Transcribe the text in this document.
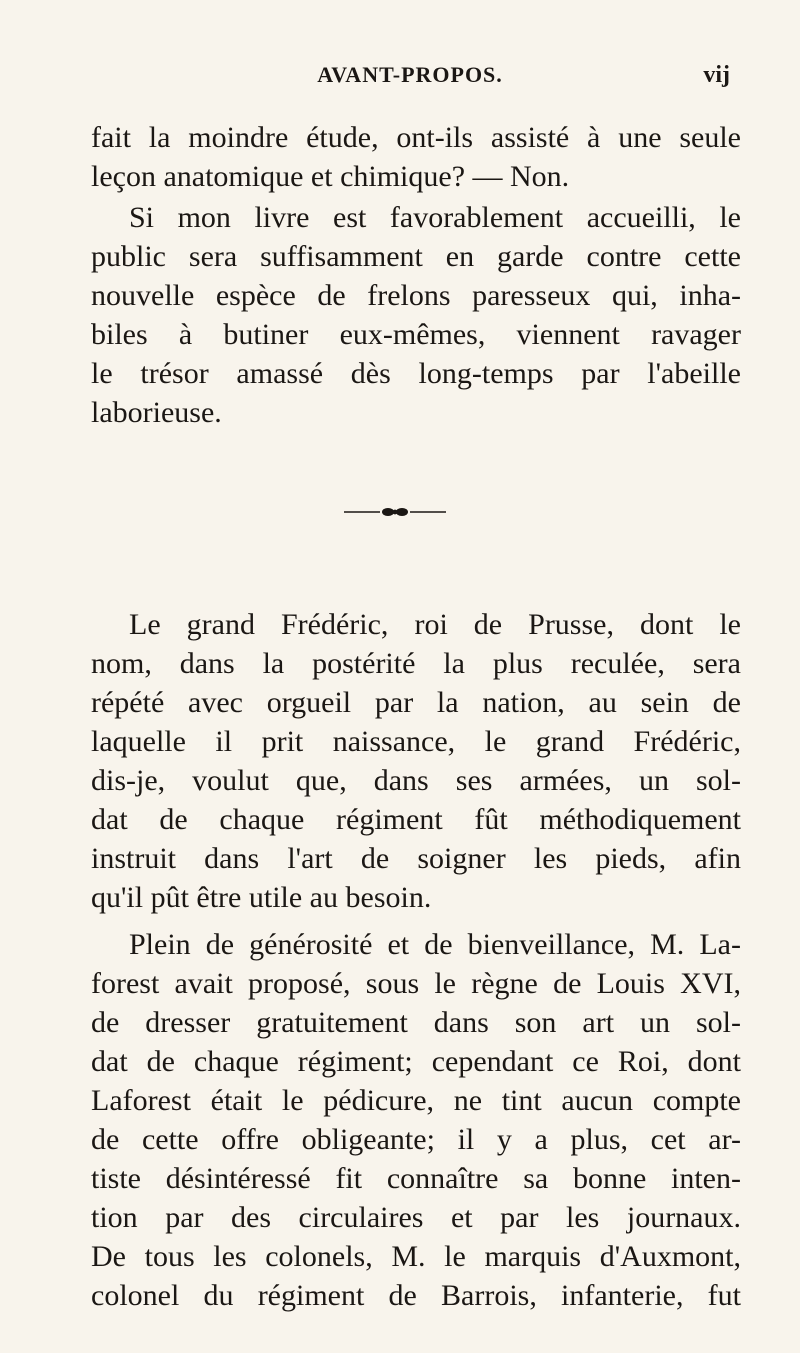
AVANT-PROPOS.	vij
fait la moindre étude, ont-ils assisté à une seule
leçon anatomique et chimique? — Non.
Si mon livre est favorablement accueilli, le
public sera suffisamment en garde contre cette
nouvelle espèce de frelons paresseux qui, inha-
biles à butiner eux-mêmes, viennent ravager
le trésor amassé dès long-temps par l'abeille
laborieuse.
Le grand Frédéric, roi de Prusse, dont le
nom, dans la postérité la plus reculée, sera
répété avec orgueil par la nation, au sein de
laquelle il prit naissance, le grand Frédéric,
dis-je, voulut que, dans ses armées, un sol-
dat de chaque régiment fût méthodiquement
instruit dans l'art de soigner les pieds, afin
qu'il pût être utile au besoin.
Plein de générosité et de bienveillance, M. La-
forest avait proposé, sous le règne de Louis XVI,
de dresser gratuitement dans son art un sol-
dat de chaque régiment; cependant ce Roi, dont
Laforest était le pédicure, ne tint aucun compte
de cette offre obligeante; il y a plus, cet ar-
tiste désintéressé fit connaître sa bonne inten-
tion par des circulaires et par les journaux.
De tous les colonels, M. le marquis d'Auxmont,
colonel du régiment de Barrois, infanterie, fut
